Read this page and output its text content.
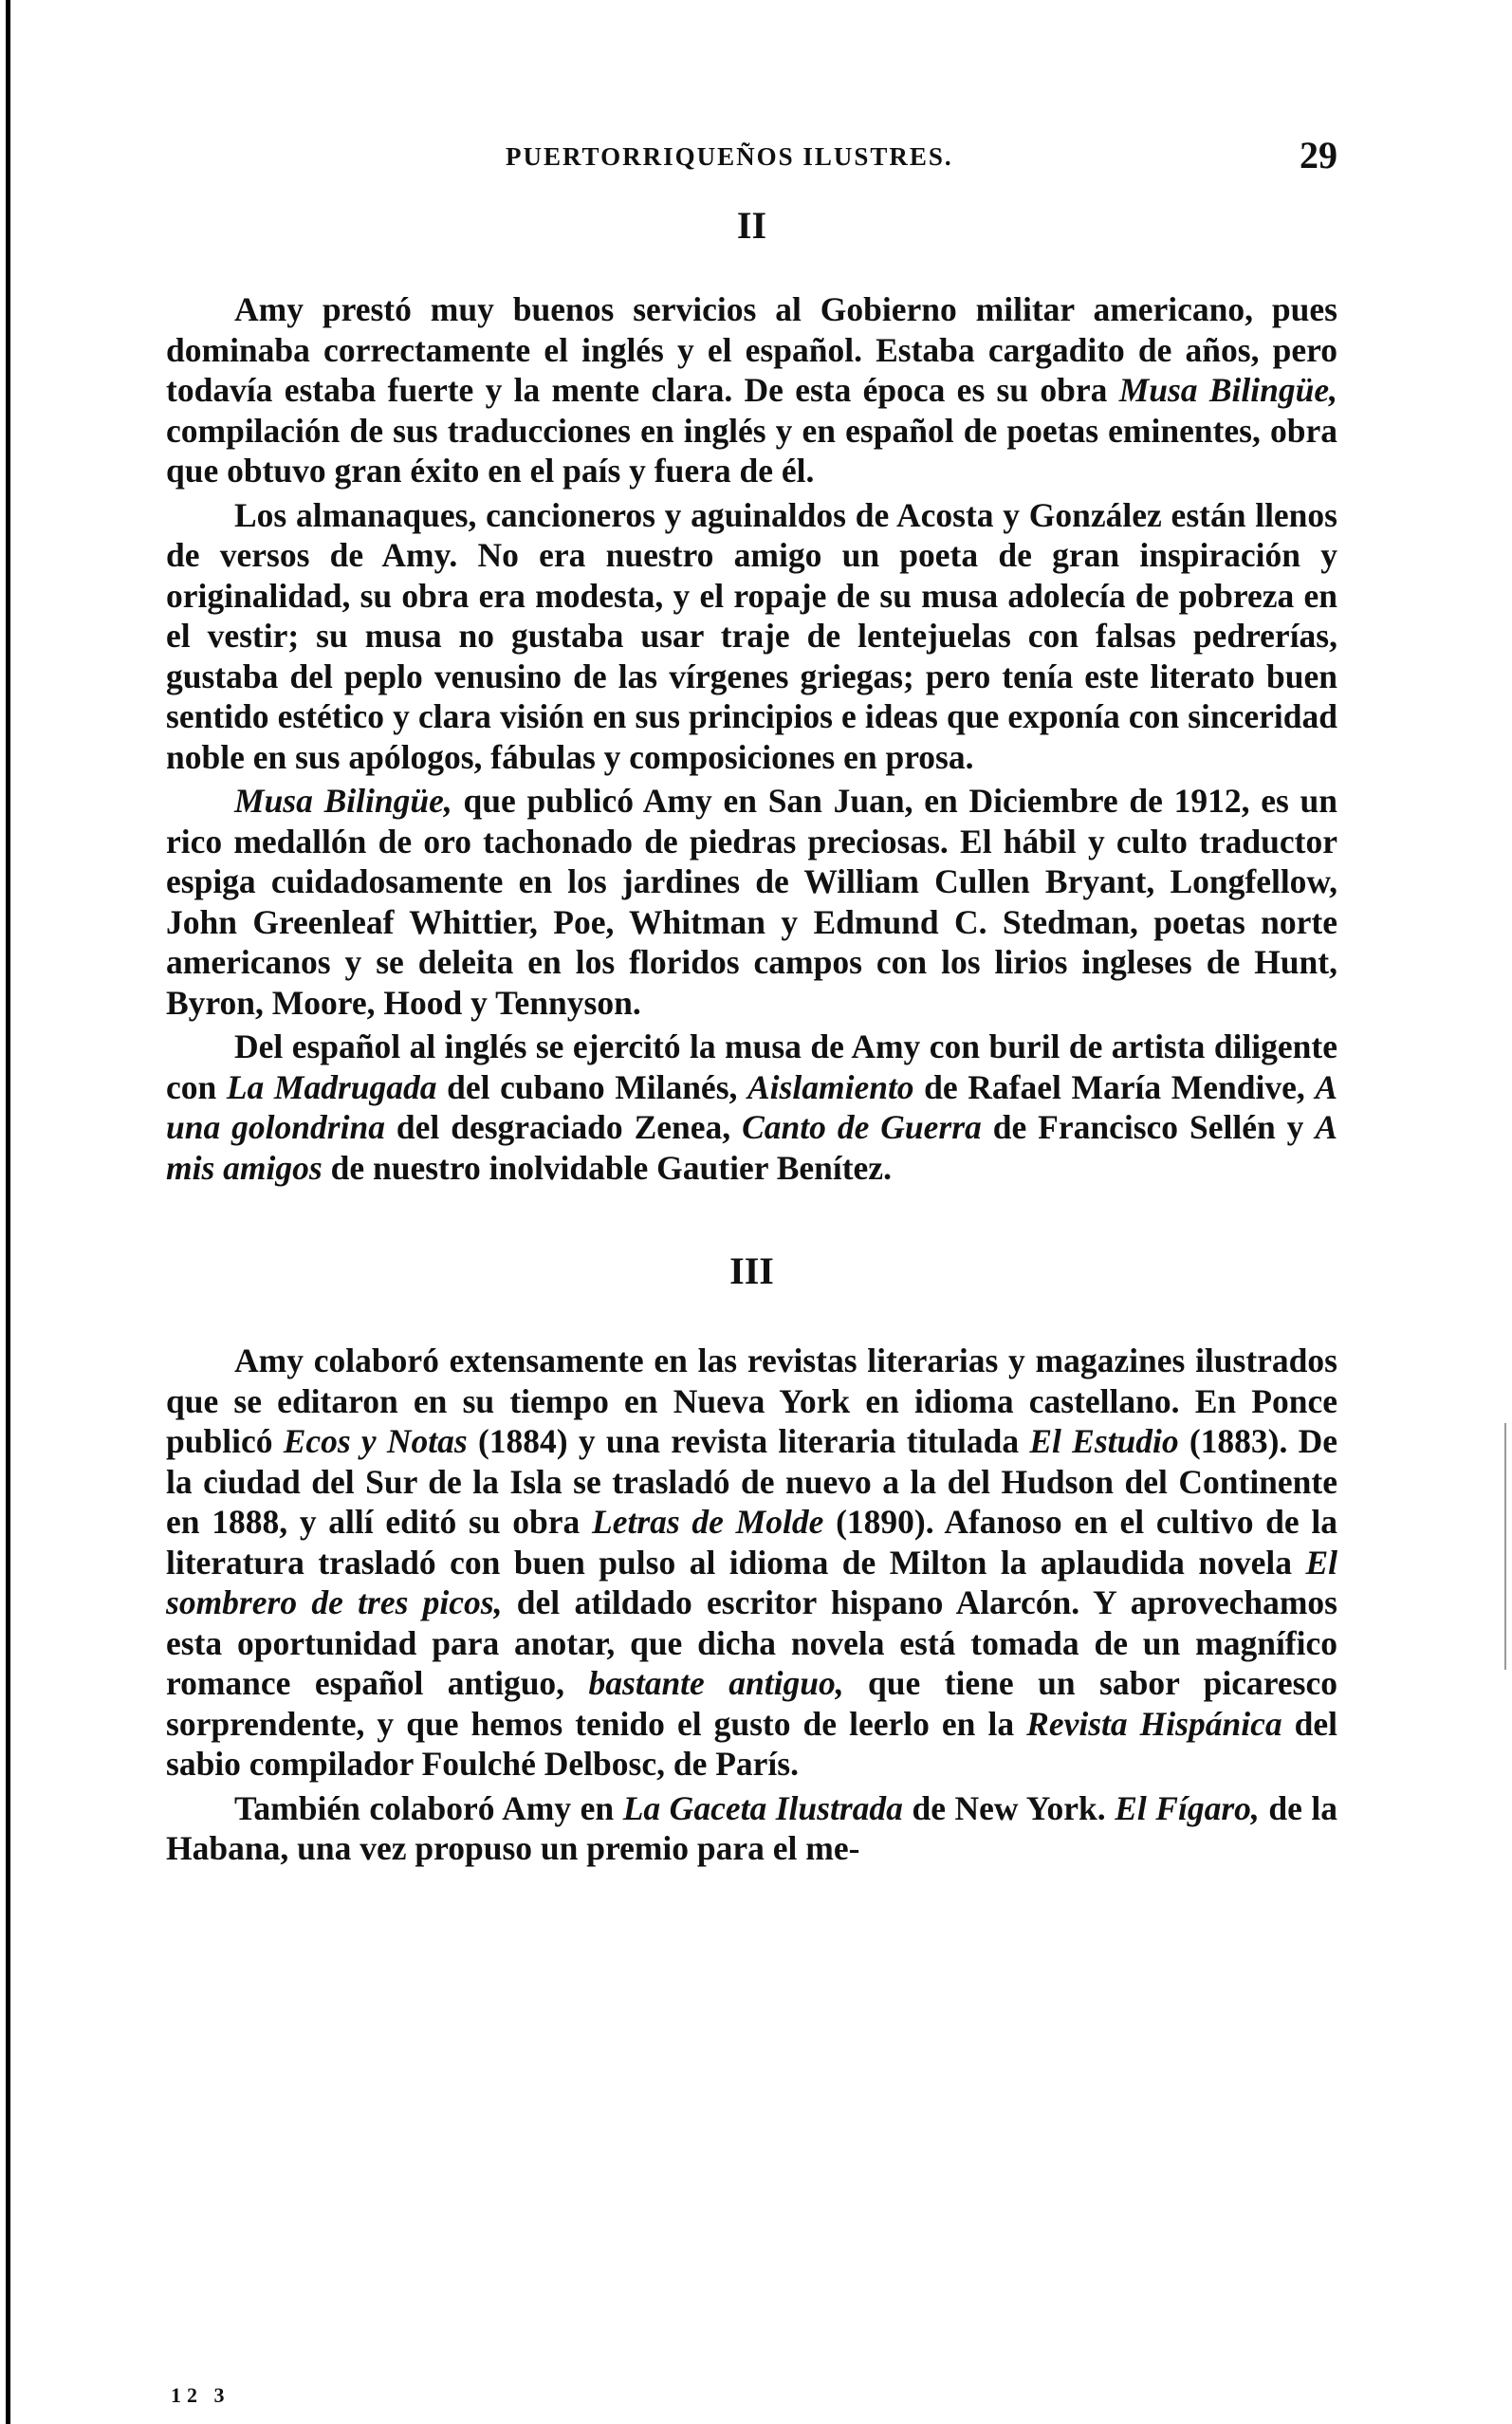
PUERTORRIQUEÑOS ILUSTRES.	29
II

Amy prestó muy buenos servicios al Gobierno militar americano, pues dominaba correctamente el inglés y el español. Estaba cargadito de años, pero todavía estaba fuerte y la mente clara. De esta época es su obra Musa Bilingüe, compilación de sus traducciones en inglés y en español de poetas eminentes, obra que obtuvo gran éxito en el país y fuera de él.

Los almanaques, cancioneros y aguinaldos de Acosta y González están llenos de versos de Amy. No era nuestro amigo un poeta de gran inspiración y originalidad, su obra era modesta, y el ropaje de su musa adolecía de pobreza en el vestir; su musa no gustaba usar traje de lentejuelas con falsas pedrerías, gustaba del peplo venusino de las vírgenes griegas; pero tenía este literato buen sentido estético y clara visión en sus principios e ideas que exponía con sinceridad noble en sus apólogos, fábulas y composiciones en prosa.

Musa Bilingüe, que publicó Amy en San Juan, en Diciembre de 1912, es un rico medallón de oro tachonado de piedras preciosas. El hábil y culto traductor espiga cuidadosamente en los jardines de William Cullen Bryant, Longfellow, John Greenleaf Whittier, Poe, Whitman y Edmund C. Stedman, poetas norte americanos y se deleita en los floridos campos con los lirios ingleses de Hunt, Byron, Moore, Hood y Tennyson.

Del español al inglés se ejercitó la musa de Amy con buril de artista diligente con La Madrugada del cubano Milanés, Aislamiento de Rafael María Mendive, A una golondrina del desgraciado Zenea, Canto de Guerra de Francisco Sellén y A mis amigos de nuestro inolvidable Gautier Benítez.

III

Amy colaboró extensamente en las revistas literarias y magazines ilustrados que se editaron en su tiempo en Nueva York en idioma castellano. En Ponce publicó Ecos y Notas (1884) y una revista literaria titulada El Estudio (1883). De la ciudad del Sur de la Isla se trasladó de nuevo a la del Hudson del Continente en 1888, y allí editó su obra Letras de Molde (1890). Afanoso en el cultivo de la literatura trasladó con buen pulso al idioma de Milton la aplaudida novela El sombrero de tres picos, del atildado escritor hispano Alarcón. Y aprovechamos esta oportunidad para anotar, que dicha novela está tomada de un magnífico romance español antiguo, bastante antiguo, que tiene un sabor picaresco sorprendente, y que hemos tenido el gusto de leerlo en la Revista Hispánica del sabio compilador Foulché Delbosc, de París.

También colaboró Amy en La Gaceta Ilustrada de New York. El Fígaro, de la Habana, una vez propuso un premio para el me-

12 3
